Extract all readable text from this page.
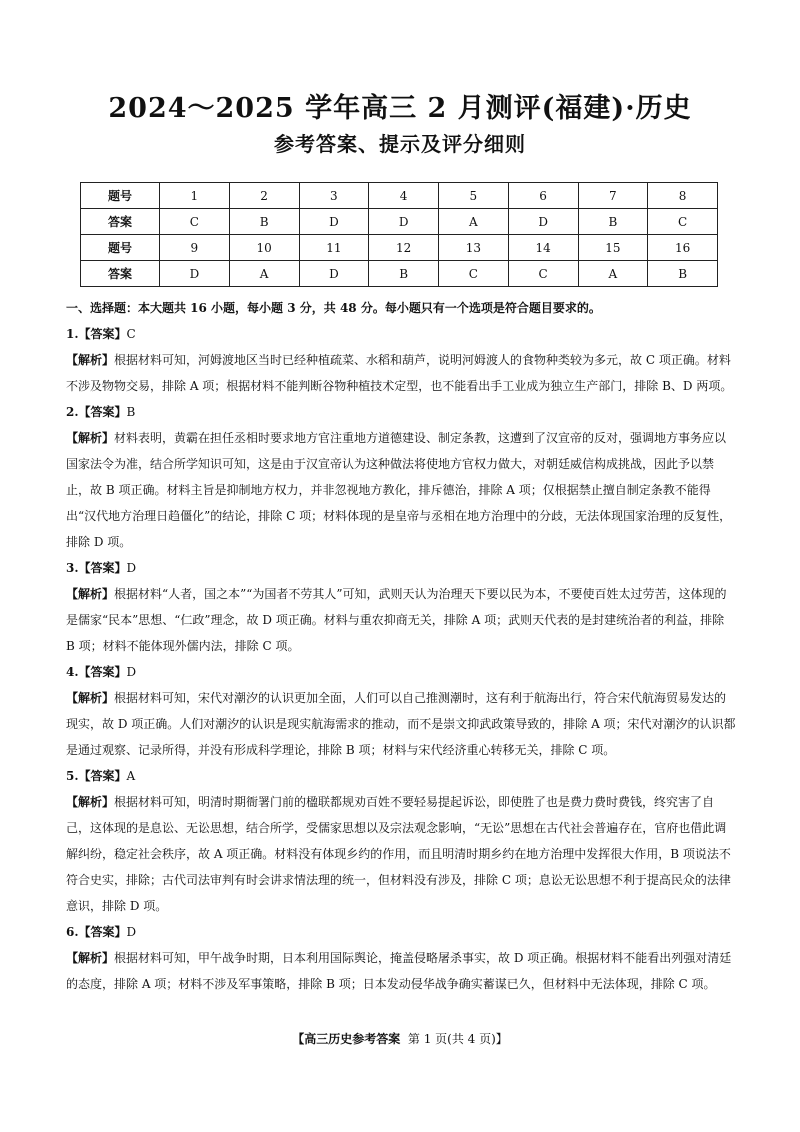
2024～2025 学年高三 2 月测评(福建)·历史
参考答案、提示及评分细则
题号	1	2	3	4	5	6	7	8
答案	C	B	D	D	A	D	B	C
题号	9	10	11	12	13	14	15	16
答案	D	A	D	B	C	C	A	B
一、选择题：本大题共 16 小题，每小题 3 分，共 48 分。每小题只有一个选项是符合题目要求的。
1.【答案】C
【解析】根据材料可知，河姆渡地区当时已经种植疏菜、水稻和葫芦，说明河姆渡人的食物种类较为多元，故 C 项正确。材料不涉及物物交易，排除 A 项；根据材料不能判断谷物种植技术定型，也不能看出手工业成为独立生产部门，排除 B、D 两项。
2.【答案】B
【解析】材料表明，黄霸在担任丞相时要求地方官注重地方道德建设、制定条教，这遭到了汉宣帝的反对，强调地方事务应以国家法令为准，结合所学知识可知，这是由于汉宣帝认为这种做法将使地方官权力做大，对朝廷威信构成挑战，因此予以禁止，故 B 项正确。材料主旨是抑制地方权力，并非忽视地方教化，排斥德治，排除 A 项；仅根据禁止擅自制定条教不能得出“汉代地方治理日趋僵化”的结论，排除 C 项；材料体现的是皇帝与丞相在地方治理中的分歧，无法体现国家治理的反复性，排除 D 项。
3.【答案】D
【解析】根据材料“人者，国之本”“为国者不劳其人”可知，武则天认为治理天下要以民为本，不要使百姓太过劳苦，这体现的是儒家“民本”思想、“仁政”理念，故 D 项正确。材料与重农抑商无关，排除 A 项；武则天代表的是封建统治者的利益，排除 B 项；材料不能体现外儒内法，排除 C 项。
4.【答案】D
【解析】根据材料可知，宋代对潮汐的认识更加全面，人们可以自己推测潮时，这有利于航海出行，符合宋代航海贸易发达的现实，故 D 项正确。人们对潮汐的认识是现实航海需求的推动，而不是崇文抑武政策导致的，排除 A 项；宋代对潮汐的认识都是通过观察、记录所得，并没有形成科学理论，排除 B 项；材料与宋代经济重心转移无关，排除 C 项。
5.【答案】A
【解析】根据材料可知，明清时期衙署门前的楹联都规劝百姓不要轻易提起诉讼，即使胜了也是费力费时费钱，终究害了自己，这体现的是息讼、无讼思想，结合所学，受儒家思想以及宗法观念影响，“无讼”思想在古代社会普遍存在，官府也借此调解纠纷，稳定社会秩序，故 A 项正确。材料没有体现乡约的作用，而且明清时期乡约在地方治理中发挥很大作用，B 项说法不符合史实，排除；古代司法审判有时会讲求情法理的统一，但材料没有涉及，排除 C 项；息讼无讼思想不利于提高民众的法律意识，排除 D 项。
6.【答案】D
【解析】根据材料可知，甲午战争时期，日本利用国际舆论，掩盖侵略屠杀事实，故 D 项正确。根据材料不能看出列强对清廷的态度，排除 A 项；材料不涉及军事策略，排除 B 项；日本发动侵华战争确实蓄谋已久，但材料中无法体现，排除 C 项。
【高三历史参考答案 第 1 页(共 4 页)】
